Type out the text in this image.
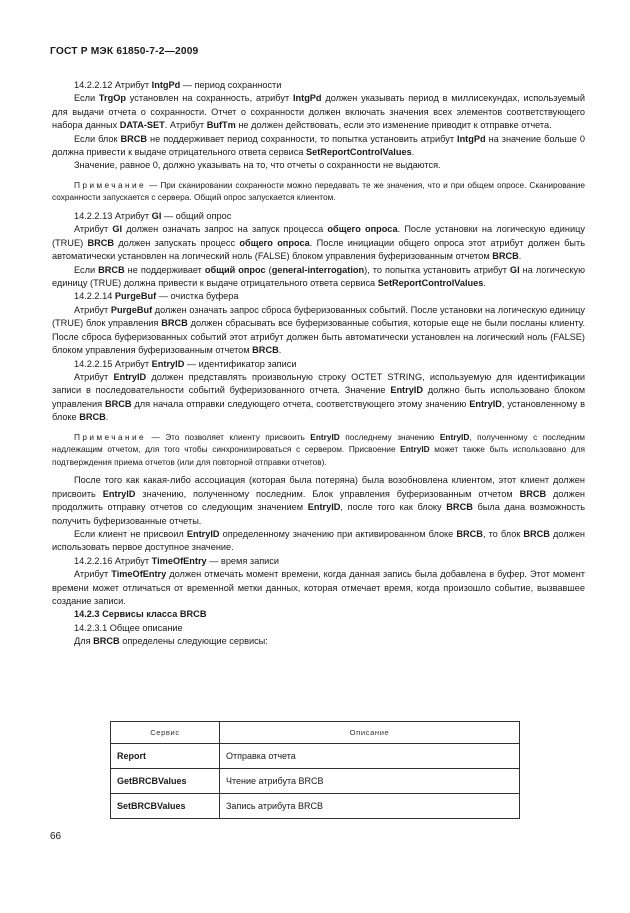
ГОСТ Р МЭК 61850-7-2—2009

14.2.2.12 Атрибут IntgPd — период сохранности

Если TrgOp установлен на сохранность, атрибут IntgPd должен указывать период в миллисекундах, используемый для выдачи отчета о сохранности. Отчет о сохранности должен включать значения всех элементов соответствующего набора данных DATA-SET. Атрибут BufTm не должен действовать, если это изменение приводит к отправке отчета.

Если блок BRCB не поддерживает период сохранности, то попытка установить атрибут IntgPd на значение больше 0 должна привести к выдаче отрицательного ответа сервиса SetReportControlValues.

Значение, равное 0, должно указывать на то, что отчеты о сохранности не выдаются.

Примечание — При сканировании сохранности можно передавать те же значения, что и при общем опросе. Сканирование сохранности запускается с сервера. Общий опрос запускается клиентом.

14.2.2.13 Атрибут GI — общий опрос

Атрибут GI должен означать запрос на запуск процесса общего опроса. После установки на логическую единицу (TRUE) BRCB должен запускать процесс общего опроса. После инициации общего опроса этот атрибут должен быть автоматически установлен на логический ноль (FALSE) блоком управления буферизованным отчетом BRCB.

Если BRCB не поддерживает общий опрос (general-interrogation), то попытка установить атрибут GI на логическую единицу (TRUE) должна привести к выдаче отрицательного ответа сервиса SetReportControlValues.

14.2.2.14 PurgeBuf — очистка буфера

Атрибут PurgeBuf должен означать запрос сброса буферизованных событий. После установки на логическую единицу (TRUE) блок управления BRCB должен сбрасывать все буферизованные события, которые еще не были посланы клиенту. После сброса буферизованных событий этот атрибут должен быть автоматически установлен на логический ноль (FALSE) блоком управления буферизованным отчетом BRCB.

14.2.2.15 Атрибут EntryID — идентификатор записи

Атрибут EntryID должен представлять произвольную строку OCTET STRING, используемую для идентификации записи в последовательности событий буферизованного отчета. Значение EntryID должно быть использовано блоком управления BRCB для начала отправки следующего отчета, соответствующего этому значению EntryID, установленному в блоке BRCB.

Примечание — Это позволяет клиенту присвоить EntryID последнему значению EntryID, полученному с последним надлежащим отчетом, для того чтобы синхронизироваться с сервером. Присвоение EntryID может также быть использовано для подтверждения приема отчетов (или для повторной отправки отчетов).

После того как какая-либо ассоциация (которая была потеряна) была возобновлена клиентом, этот клиент должен присвоить EntryID значению, полученному последним. Блок управления буферизованным отчетом BRCB должен продолжить отправку отчетов со следующим значением EntryID, после того как блоку BRCB была дана возможность получить буферизованные отчеты.

Если клиент не присвоил EntryID определенному значению при активированном блоке BRCB, то блок BRCB должен использовать первое доступное значение.

14.2.2.16 Атрибут TimeOfEntry — время записи

Атрибут TimeOfEntry должен отмечать момент времени, когда данная запись была добавлена в буфер. Этот момент времени может отличаться от временной метки данных, которая отмечает время, когда произошло событие, вызвавшее создание записи.

14.2.3 Сервисы класса BRCB

14.2.3.1 Общее описание

Для BRCB определены следующие сервисы:

Сервис	Описание
Report	Отправка отчета
GetBRCBValues	Чтение атрибута BRCB
SetBRCBValues	Запись атрибута BRCB
66
